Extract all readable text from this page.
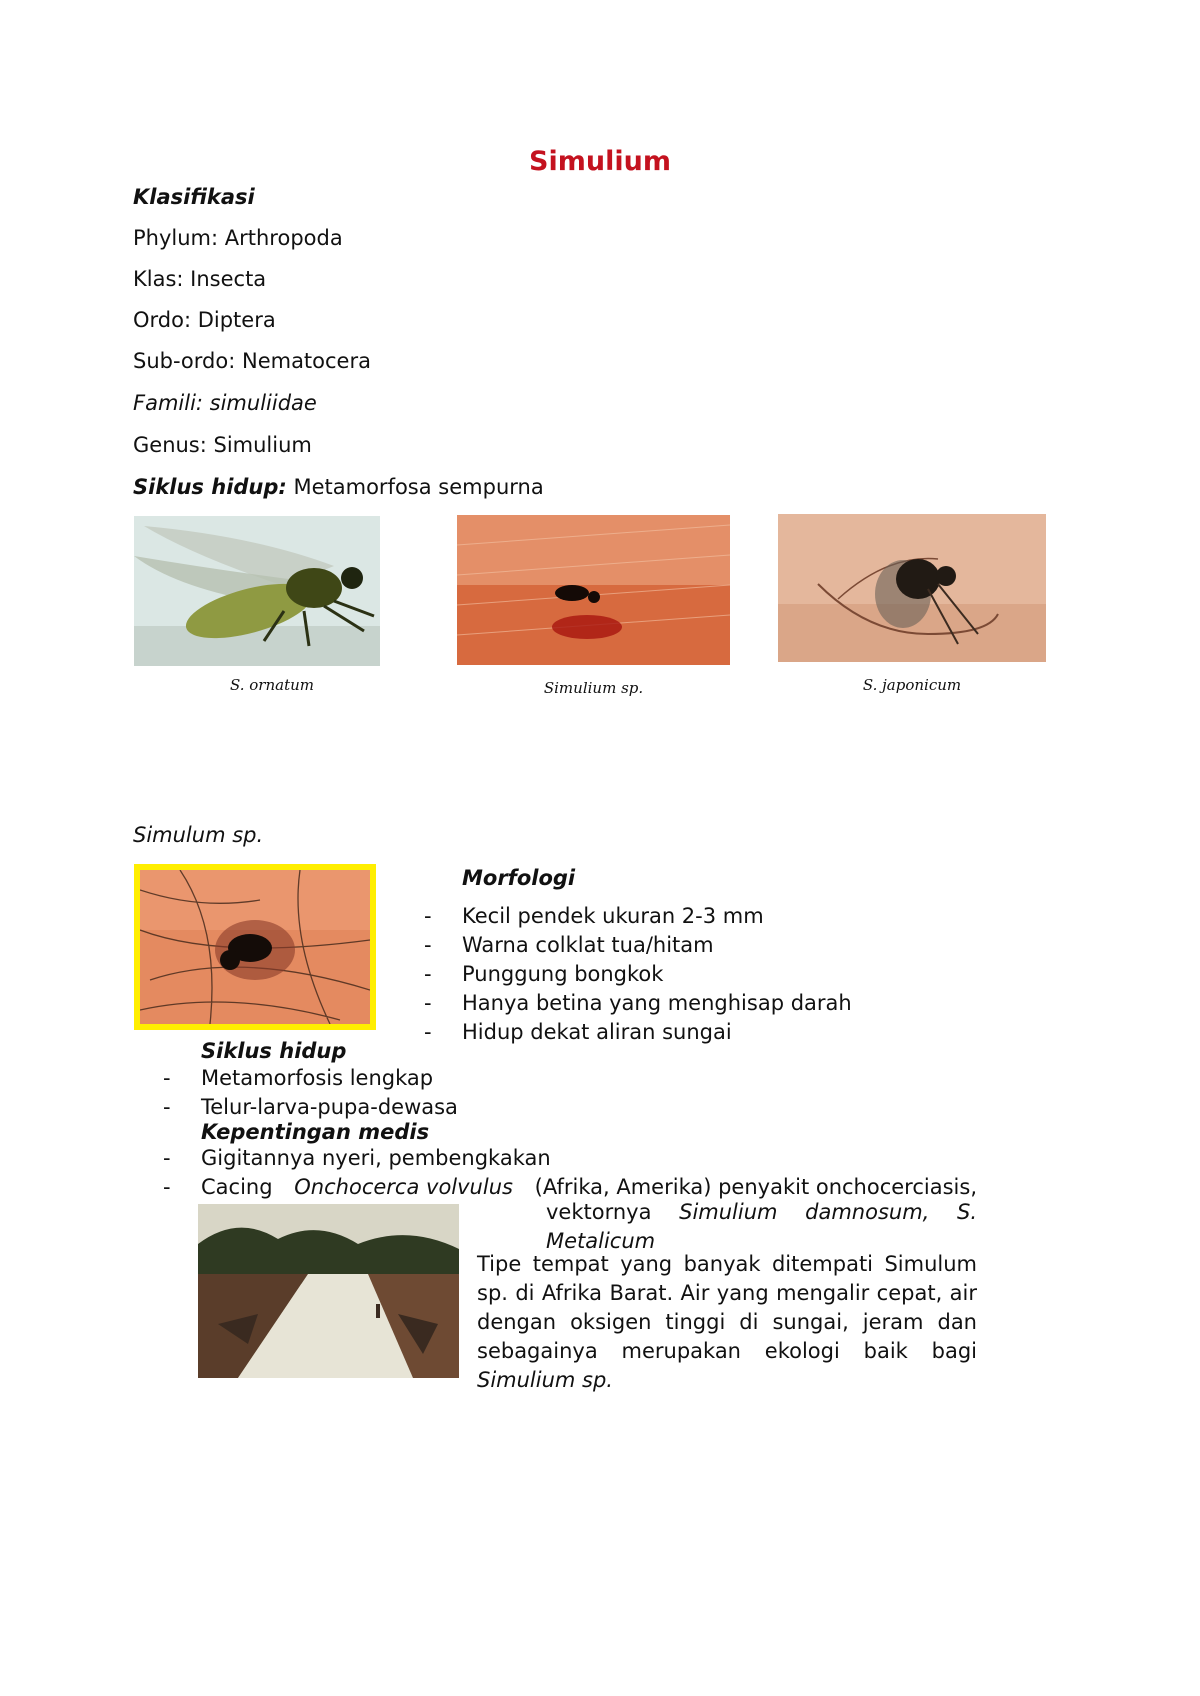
Simulium
Klasifikasi
Phylum: Arthropoda
Klas: Insecta
Ordo: Diptera
Sub-ordo: Nematocera
Famili: simuliidae
Genus: Simulium
Siklus hidup: Metamorfosa sempurna
S. ornatum	Simulium sp.	S. japonicum
Simulum sp.
Morfologi
- Kecil pendek ukuran 2-3 mm
- Warna colklat tua/hitam
- Punggung bongkok
- Hanya betina yang menghisap darah
- Hidup dekat aliran sungai
Siklus hidup
- Metamorfosis lengkap
- Telur-larva-pupa-dewasa
Kepentingan medis
- Gigitannya nyeri, pembengkakan
- Cacing Onchocerca volvulus (Afrika, Amerika) penyakit onchocerciasis,
vektornya Simulium damnosum, S. Metalicum
Tipe tempat yang banyak ditempati Simulum sp. di Afrika Barat. Air yang mengalir cepat, air dengan oksigen tinggi di sungai, jeram dan sebagainya merupakan ekologi baik bagi Simulium sp.
